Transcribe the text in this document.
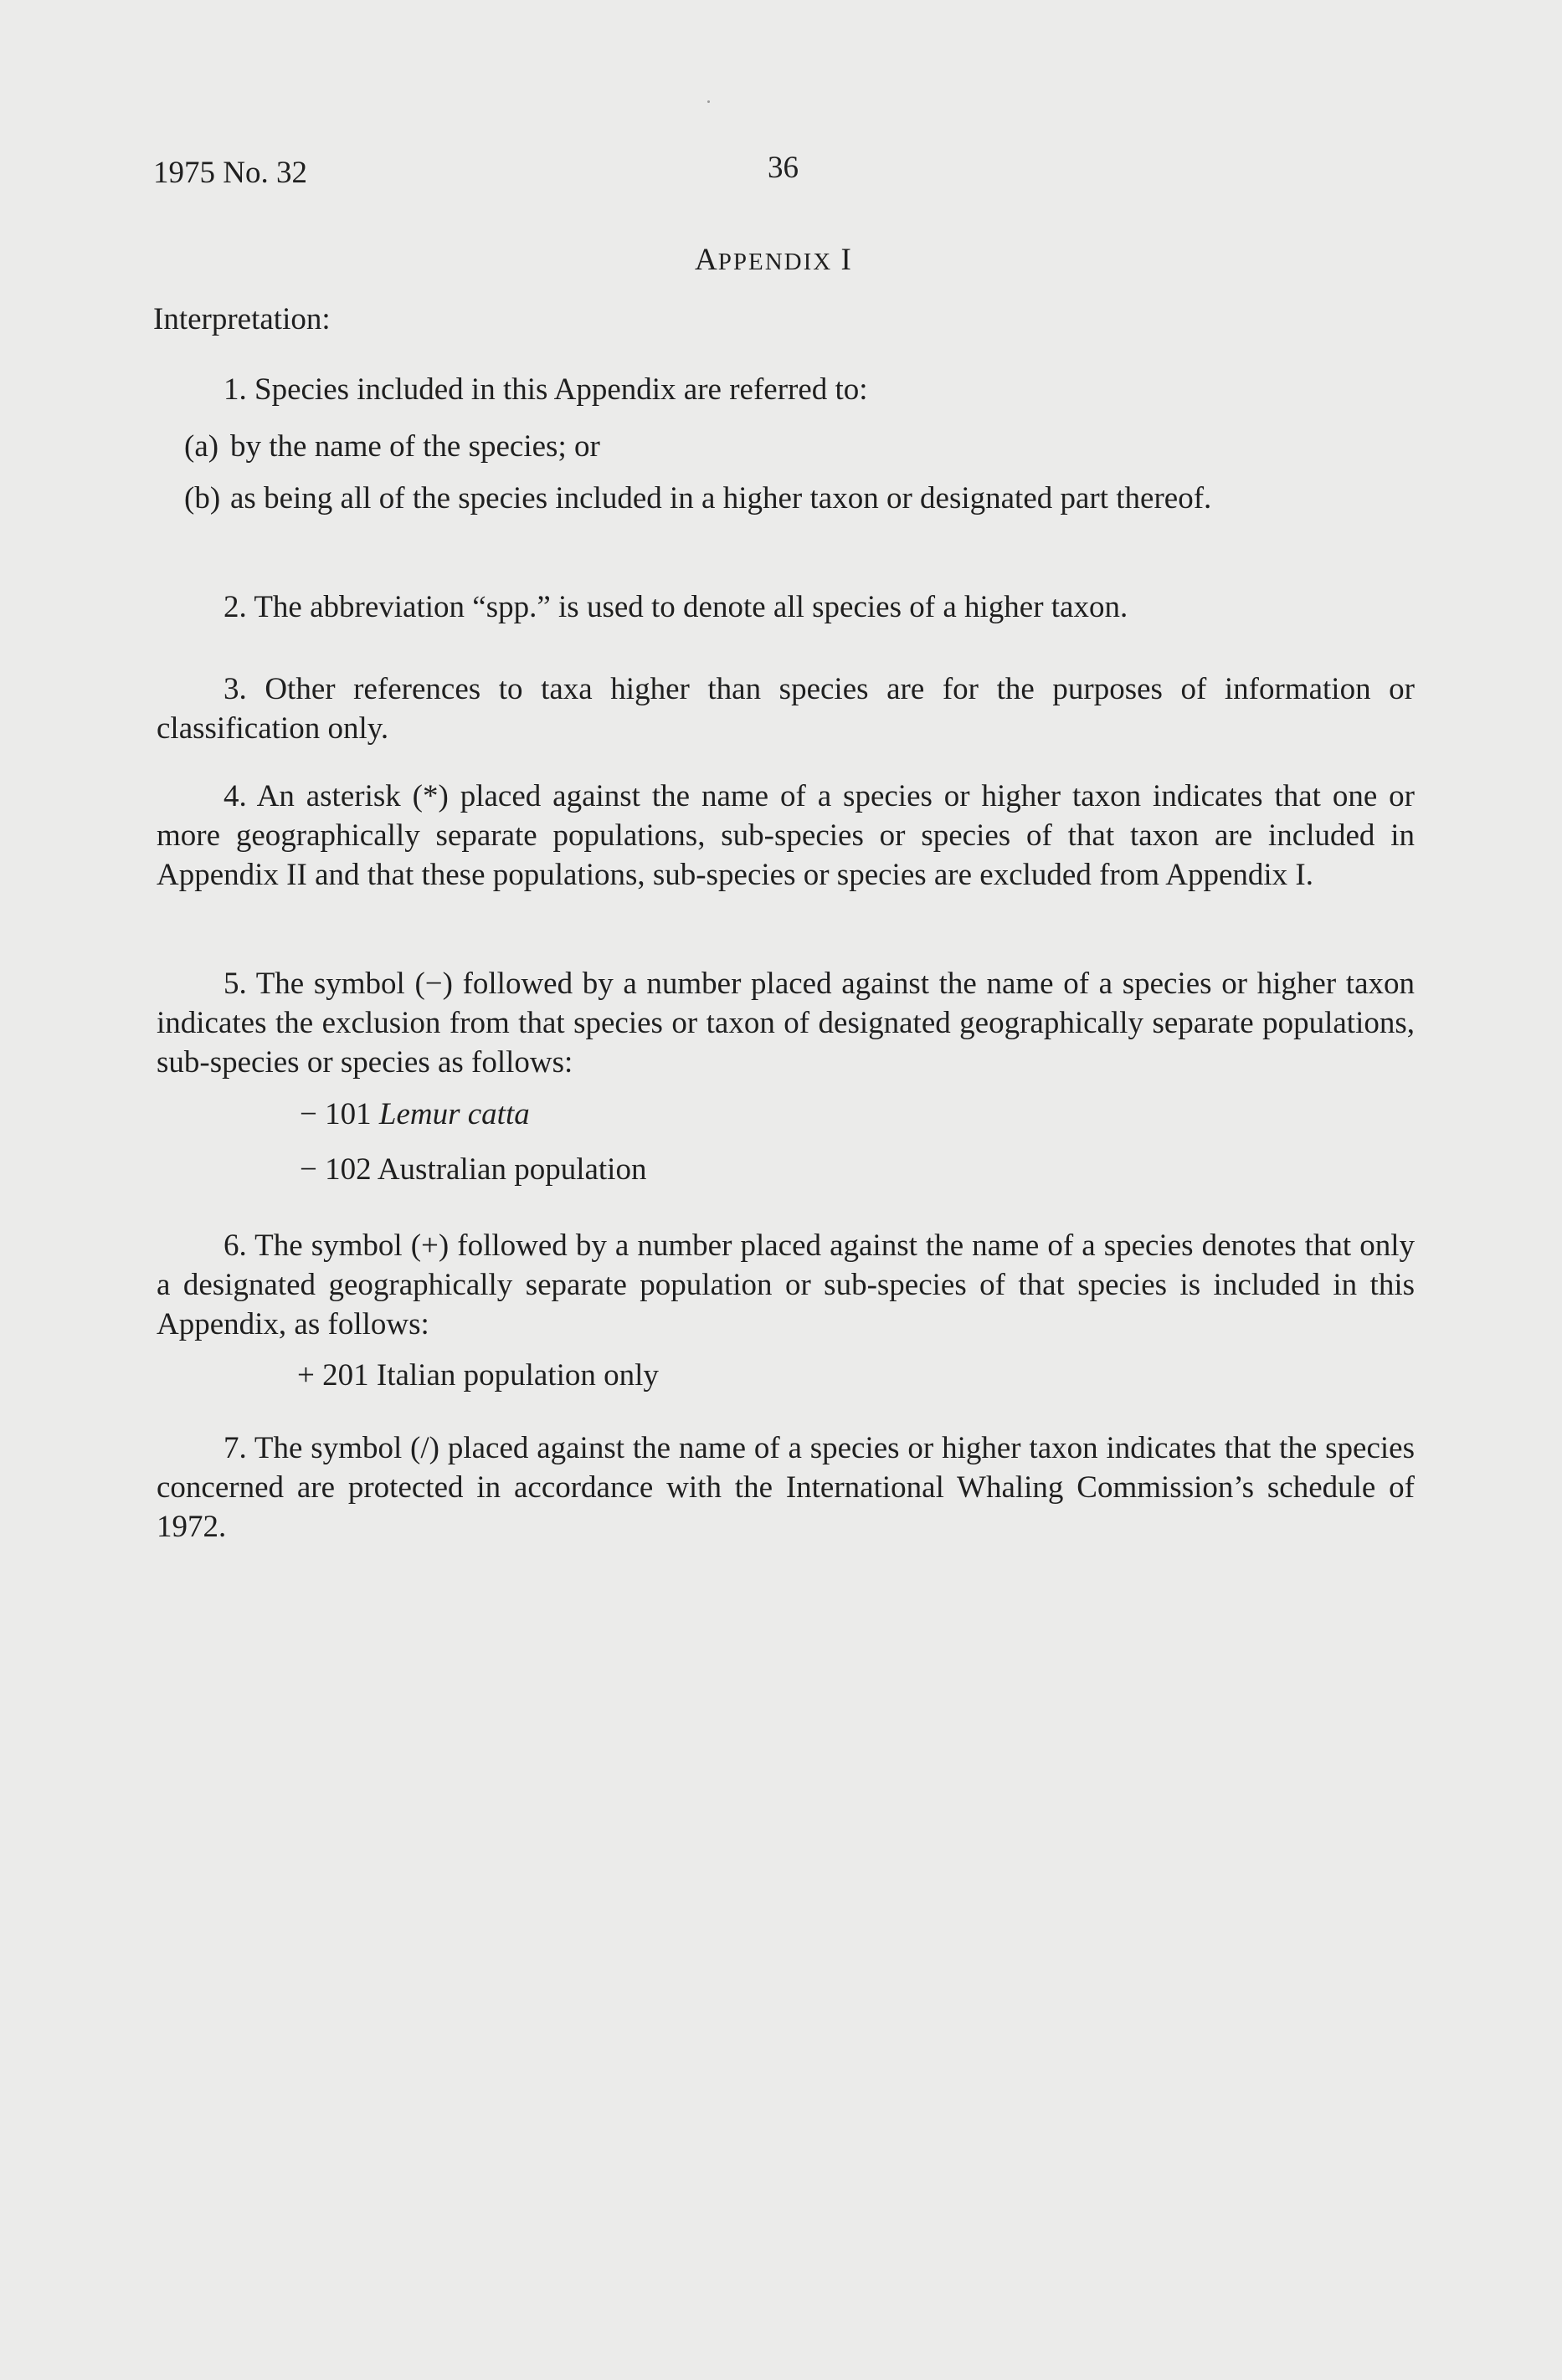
1975 No. 32	36
APPENDIX I
Interpretation:
1. Species included in this Appendix are referred to:
(a) by the name of the species; or
(b) as being all of the species included in a higher taxon or designated part thereof.
2. The abbreviation “spp.” is used to denote all species of a higher taxon.
3. Other references to taxa higher than species are for the purposes of information or classification only.
4. An asterisk (*) placed against the name of a species or higher taxon indicates that one or more geographically separate populations, sub-species or species of that taxon are included in Appendix II and that these populations, sub-species or species are excluded from Appendix I.
5. The symbol (−) followed by a number placed against the name of a species or higher taxon indicates the exclusion from that species or taxon of designated geographically separate populations, sub-species or species as follows:
− 101 Lemur catta
− 102 Australian population
6. The symbol (+) followed by a number placed against the name of a species denotes that only a designated geographically separate population or sub-species of that species is included in this Appendix, as follows:
+ 201 Italian population only
7. The symbol (/) placed against the name of a species or higher taxon indicates that the species concerned are protected in accordance with the International Whaling Commission’s schedule of 1972.
